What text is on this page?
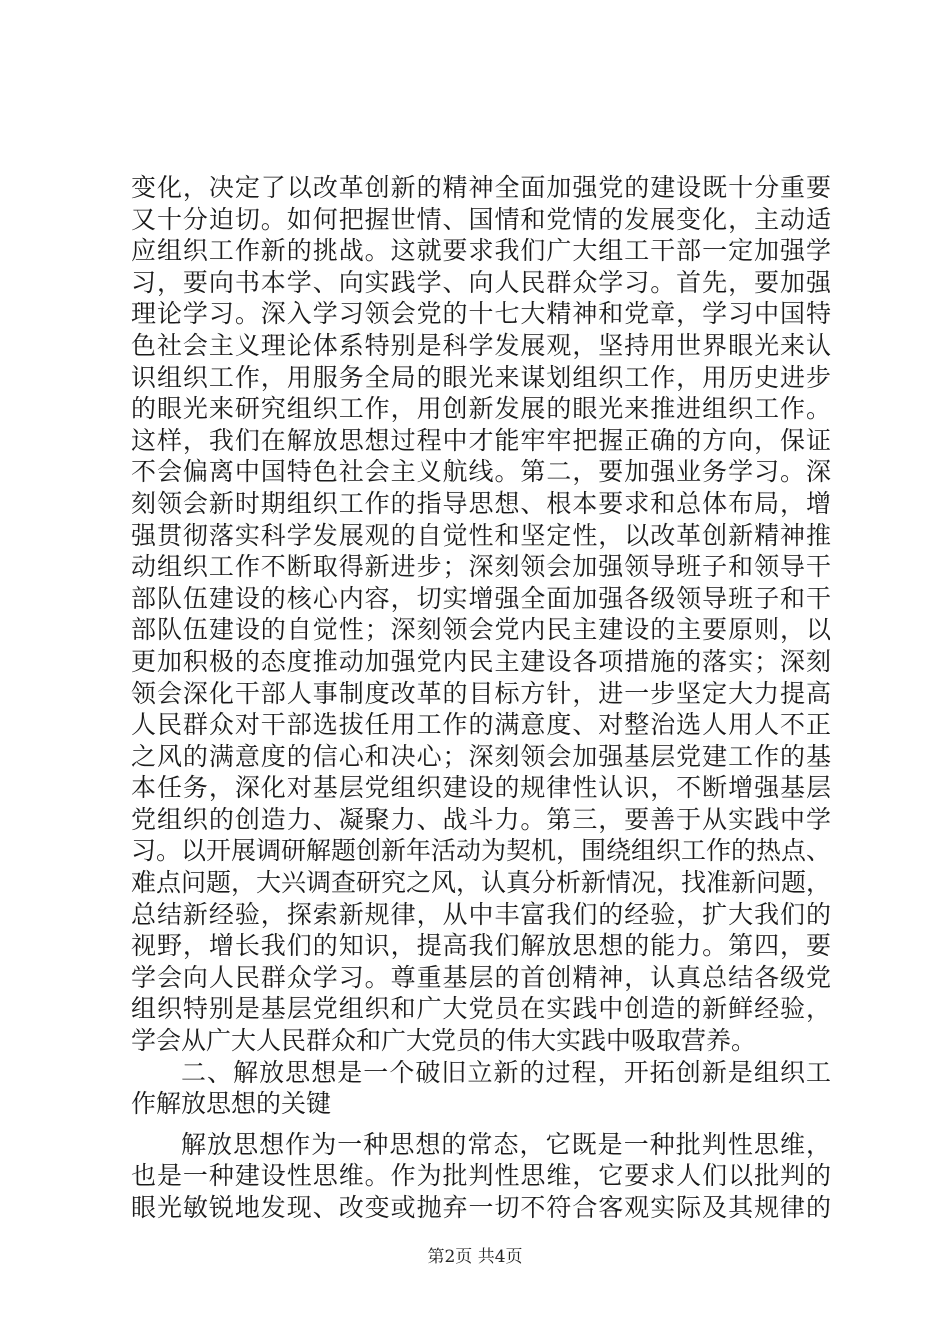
变化，决定了以改革创新的精神全面加强党的建设既十分重要
又十分迫切。如何把握世情、国情和党情的发展变化，主动适
应组织工作新的挑战。这就要求我们广大组工干部一定加强学
习，要向书本学、向实践学、向人民群众学习。首先，要加强
理论学习。深入学习领会党的十七大精神和党章，学习中国特
色社会主义理论体系特别是科学发展观，坚持用世界眼光来认
识组织工作，用服务全局的眼光来谋划组织工作，用历史进步
的眼光来研究组织工作，用创新发展的眼光来推进组织工作。
这样，我们在解放思想过程中才能牢牢把握正确的方向，保证
不会偏离中国特色社会主义航线。第二，要加强业务学习。深
刻领会新时期组织工作的指导思想、根本要求和总体布局，增
强贯彻落实科学发展观的自觉性和坚定性，以改革创新精神推
动组织工作不断取得新进步；深刻领会加强领导班子和领导干
部队伍建设的核心内容，切实增强全面加强各级领导班子和干
部队伍建设的自觉性；深刻领会党内民主建设的主要原则，以
更加积极的态度推动加强党内民主建设各项措施的落实；深刻
领会深化干部人事制度改革的目标方针，进一步坚定大力提高
人民群众对干部选拔任用工作的满意度、对整治选人用人不正
之风的满意度的信心和决心；深刻领会加强基层党建工作的基
本任务，深化对基层党组织建设的规律性认识，不断增强基层
党组织的创造力、凝聚力、战斗力。第三，要善于从实践中学
习。以开展调研解题创新年活动为契机，围绕组织工作的热点、
难点问题，大兴调查研究之风，认真分析新情况，找准新问题，
总结新经验，探索新规律，从中丰富我们的经验，扩大我们的
视野，增长我们的知识，提高我们解放思想的能力。第四，要
学会向人民群众学习。尊重基层的首创精神，认真总结各级党
组织特别是基层党组织和广大党员在实践中创造的新鲜经验，
学会从广大人民群众和广大党员的伟大实践中吸取营养。
二、解放思想是一个破旧立新的过程，开拓创新是组织工
作解放思想的关键
解放思想作为一种思想的常态，它既是一种批判性思维，
也是一种建设性思维。作为批判性思维，它要求人们以批判的
眼光敏锐地发现、改变或抛弃一切不符合客观实际及其规律的
第2页 共4页
